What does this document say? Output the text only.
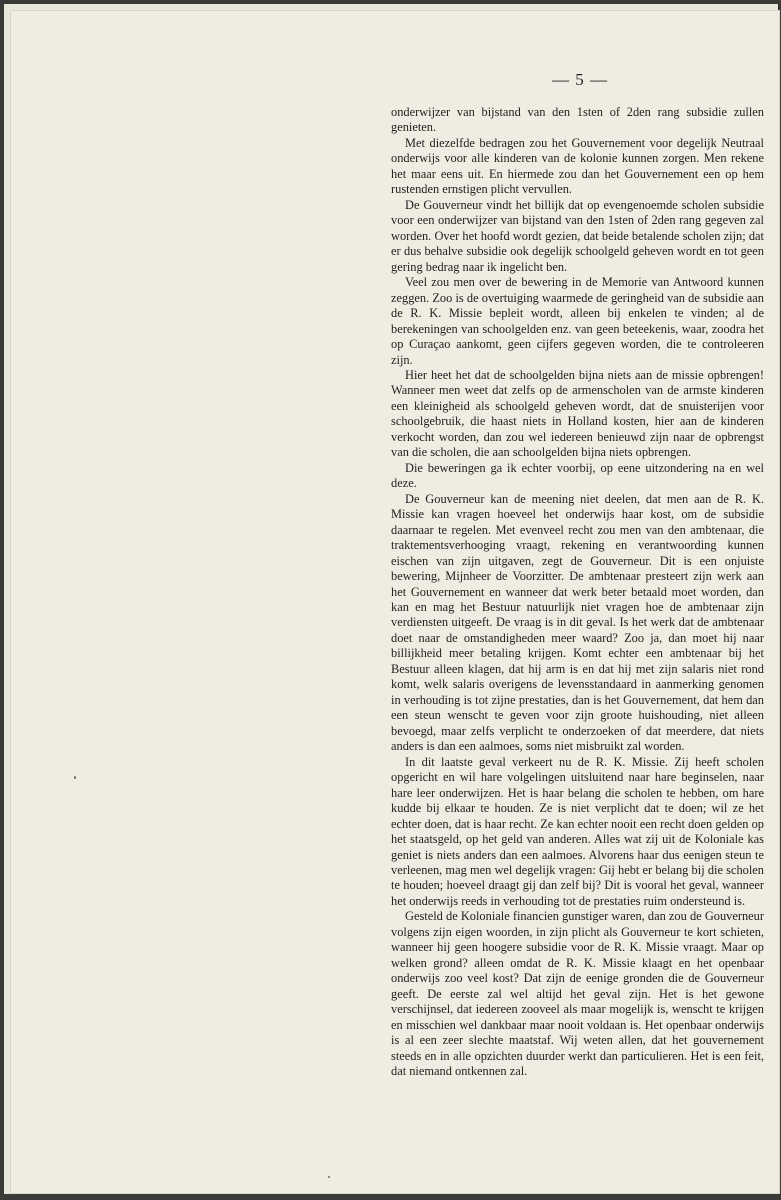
— 5 —

onderwijzer van bijstand van den 1sten of 2den rang subsidie zullen genieten.

Met diezelfde bedragen zou het Gouvernement voor degelijk Neutraal onderwijs voor alle kinderen van de kolonie kunnen zorgen. Men rekene het maar eens uit. En hiermede zou dan het Gouvernement een op hem rustenden ernstigen plicht vervullen.

De Gouverneur vindt het billijk dat op evengenoemde scholen subsidie voor een onderwijzer van bijstand van den 1sten of 2den rang gegeven zal worden. Over het hoofd wordt gezien, dat beide betalende scholen zijn; dat er dus behalve subsidie ook degelijk schoolgeld geheven wordt en tot geen gering bedrag naar ik ingelicht ben.

Veel zou men over de bewering in de Memorie van Antwoord kunnen zeggen. Zoo is de overtuiging waarmede de geringheid van de subsidie aan de R. K. Missie bepleit wordt, alleen bij enkelen te vinden; al de berekeningen van schoolgelden enz. van geen beteekenis, waar, zoodra het op Curaçao aankomt, geen cijfers gegeven worden, die te controleeren zijn.

Hier heet het dat de schoolgelden bijna niets aan de missie opbrengen! Wanneer men weet dat zelfs op de armenscholen van de armste kinderen een kleinigheid als schoolgeld geheven wordt, dat de snuisterijen voor schoolgebruik, die haast niets in Holland kosten, hier aan de kinderen verkocht worden, dan zou wel iedereen benieuwd zijn naar de opbrengst van die scholen, die aan schoolgelden bijna niets opbrengen.

Die beweringen ga ik echter voorbij, op eene uitzondering na en wel deze.

De Gouverneur kan de meening niet deelen, dat men aan de R. K. Missie kan vragen hoeveel het onderwijs haar kost, om de subsidie daarnaar te regelen. Met evenveel recht zou men van den ambtenaar, die traktementsverhooging vraagt, rekening en verantwoording kunnen eischen van zijn uitgaven, zegt de Gouverneur. Dit is een onjuiste bewering, Mijnheer de Voorzitter. De ambtenaar presteert zijn werk aan het Gouvernement en wanneer dat werk beter betaald moet worden, dan kan en mag het Bestuur natuurlijk niet vragen hoe de ambtenaar zijn verdiensten uitgeeft. De vraag is in dit geval. Is het werk dat de ambtenaar doet naar de omstandigheden meer waard? Zoo ja, dan moet hij naar billijkheid meer betaling krijgen. Komt echter een ambtenaar bij het Bestuur alleen klagen, dat hij arm is en dat hij met zijn salaris niet rond komt, welk salaris overigens de levensstandaard in aanmerking genomen in verhouding is tot zijne prestaties, dan is het Gouvernement, dat hem dan een steun wenscht te geven voor zijn groote huishouding, niet alleen bevoegd, maar zelfs verplicht te onderzoeken of dat meerdere, dat niets anders is dan een aalmoes, soms niet misbruikt zal worden.

In dit laatste geval verkeert nu de R. K. Missie. Zij heeft scholen opgericht en wil hare volgelingen uitsluitend naar hare beginselen, naar hare leer onderwijzen. Het is haar belang die scholen te hebben, om hare kudde bij elkaar te houden. Ze is niet verplicht dat te doen; wil ze het echter doen, dat is haar recht. Ze kan echter nooit een recht doen gelden op het staatsgeld, op het geld van anderen. Alles wat zij uit de Koloniale kas geniet is niets anders dan een aalmoes. Alvorens haar dus eenigen steun te verleenen, mag men wel degelijk vragen: Gij hebt er belang bij die scholen te houden; hoeveel draagt gij dan zelf bij? Dit is vooral het geval, wanneer het onderwijs reeds in verhouding tot de prestaties ruim ondersteund is.

Gesteld de Koloniale financien gunstiger waren, dan zou de Gouverneur volgens zijn eigen woorden, in zijn plicht als Gouverneur te kort schieten, wanneer hij geen hoogere subsidie voor de R. K. Missie vraagt. Maar op welken grond? alleen omdat de R. K. Missie klaagt en het openbaar onderwijs zoo veel kost? Dat zijn de eenige gronden die de Gouverneur geeft. De eerste zal wel altijd het geval zijn. Het is het gewone verschijnsel, dat iedereen zooveel als maar mogelijk is, wenscht te krijgen en misschien wel dankbaar maar nooit voldaan is. Het openbaar onderwijs is al een zeer slechte maatstaf. Wij weten allen, dat het gouvernement steeds en in alle opzichten duurder werkt dan particulieren. Het is een feit, dat niemand ontkennen zal.
